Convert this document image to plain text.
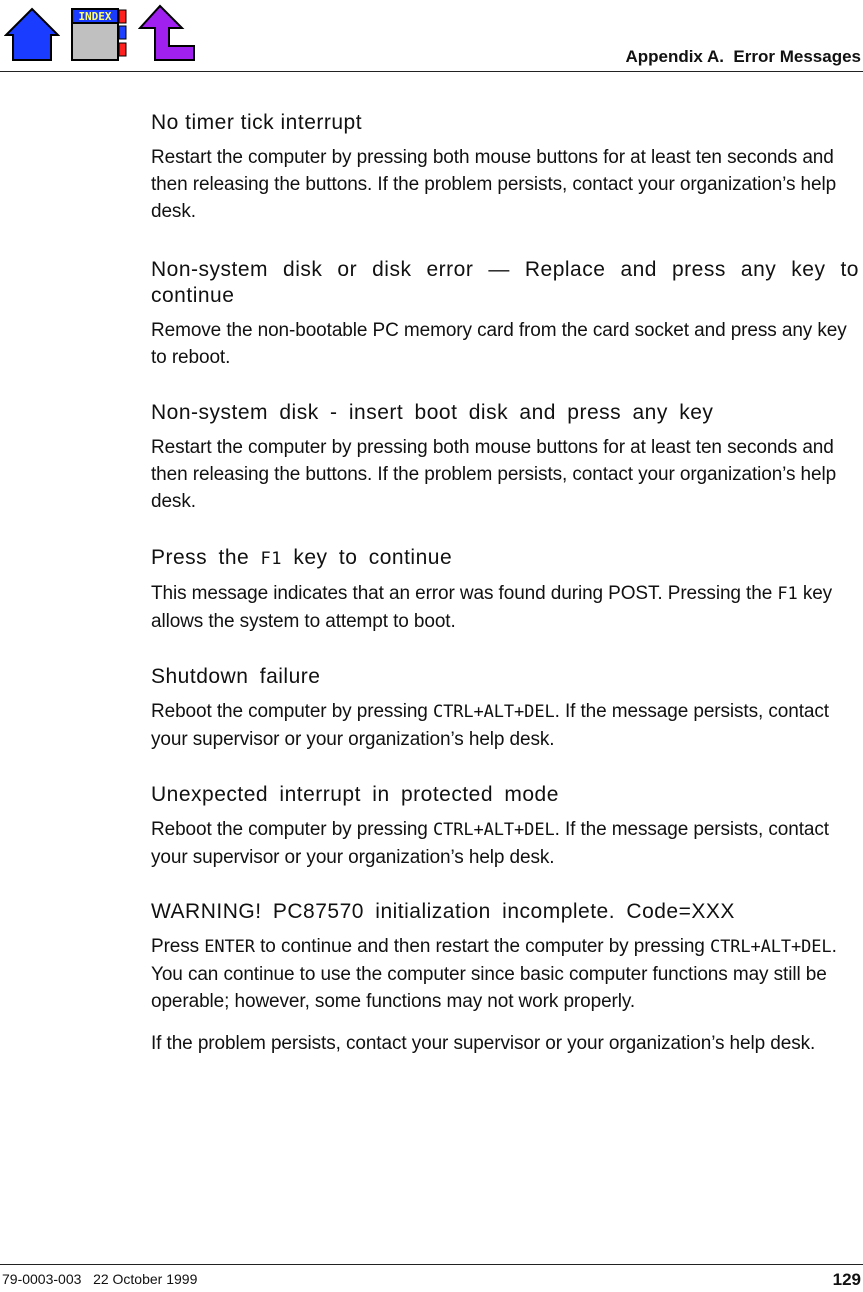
INDEX
Appendix A.  Error Messages
No timer tick interrupt
Restart the computer by pressing both mouse buttons for at least ten seconds and then releasing the buttons. If the problem persists, contact your organization’s help desk.
Non-system disk or disk error — Replace and press any key to continue
Remove the non-bootable PC memory card from the card socket and press any key to reboot.
Non-system disk - insert boot disk and press any key
Restart the computer by pressing both mouse buttons for at least ten seconds and then releasing the buttons. If the problem persists, contact your organization’s help desk.
Press the F1 key to continue
This message indicates that an error was found during POST. Pressing the F1 key allows the system to attempt to boot.
Shutdown failure
Reboot the computer by pressing CTRL+ALT+DEL. If the message persists, contact your supervisor or your organization’s help desk.
Unexpected interrupt in protected mode
Reboot the computer by pressing CTRL+ALT+DEL. If the message persists, contact your supervisor or your organization’s help desk.
WARNING! PC87570 initialization incomplete. Code=XXX
Press ENTER to continue and then restart the computer by pressing CTRL+ALT+DEL. You can continue to use the computer since basic computer functions may still be operable; however, some functions may not work properly.
If the problem persists, contact your supervisor or your organization’s help desk.
79-0003-003   22 October 1999	129
